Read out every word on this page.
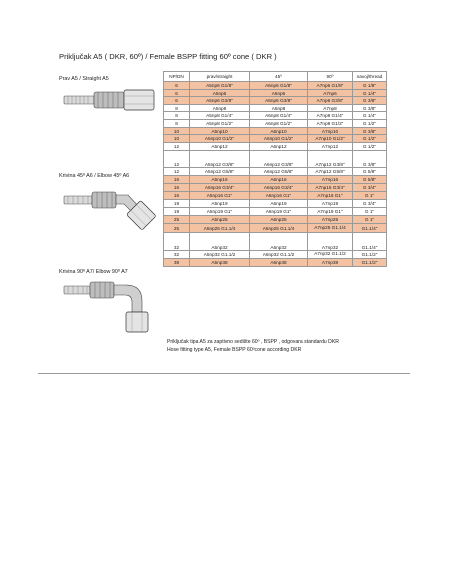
Priključak A5 ( DKR, 60º) / Female BSPP fitting 60º cone ( DKR )
Prav A5 / Straight A5
Krivina 45º A6 / Elbow 45º A6
Krivina 90º A7/ Elbow 90º A7
NP/DN	prav/straight	45º	90º	navoj/thread
6	A5np6 G1/8"	A6np6 G1/8"	A7np6 G1/8"	G 1/8"
6	A5np6	A6np6	A7np6	G 1/4"
6	A5np6 G3/8"	A6np6 G3/8"	A7np6 G3/8"	G 3/8"
8	A5np8	A6np8	A7np8	G 3/8"
8	A5np8 G1/4"	A6np8 G1/4"	A7np8 G1/4"	G 1/4"
8	A5np8 G1/2"	A6np8 G1/2"	A7np8 G1/2"	G 1/2"
10	A5np10	A6np10	A7np10	G 3/8"
10	A5np10 G1/2"	A6np10 G1/2"	A7np10 G1/2"	G 1/2"
12	A5np12	A6np12	A7np12	G 1/2"
12	A5np12 G3/8"	A6np12 G3/8"	A7np12 G3/8"	G 3/8"
12	A5np12 G5/8"	A6np12 G5/8"	A7np12 G5/8"	G 5/8"
16	A5np16	A6np16	A7np16	G 5/8"
16	A5np16 G3/4"	A6np16 G3/4"	A7np16 G3/4"	G 3/4"
16	A5np16 G1"	A6np16 G1"	A7np16 G1"	G 1"
19	A5np19	A6np19	A7np19	G 3/4"
19	A5np19 G1"	A6np19 G1"	A7np19 G1"	G 1"
25	A5np25	A6np25	A7np25	G 1"
25	A5np25 G1.1/4	A6np25 G1.1/4	A7np25 G1.1/4	G1.1/4"
32	A5np32	A6np32	A7np32	G1.1/4"
32	A5np32 G1.1/2	A6np32 G1.1/2	A7np32 G1.1/2	G1.1/2"
38	A5np38	A6np38	A7np38	G1.1/2"
Priključak tipa A5 za zaptivno sedište 60º , BSPP , odgovara standardu DKR
Hose fitting type A5, Female BSPP 60ºcone according DKR
